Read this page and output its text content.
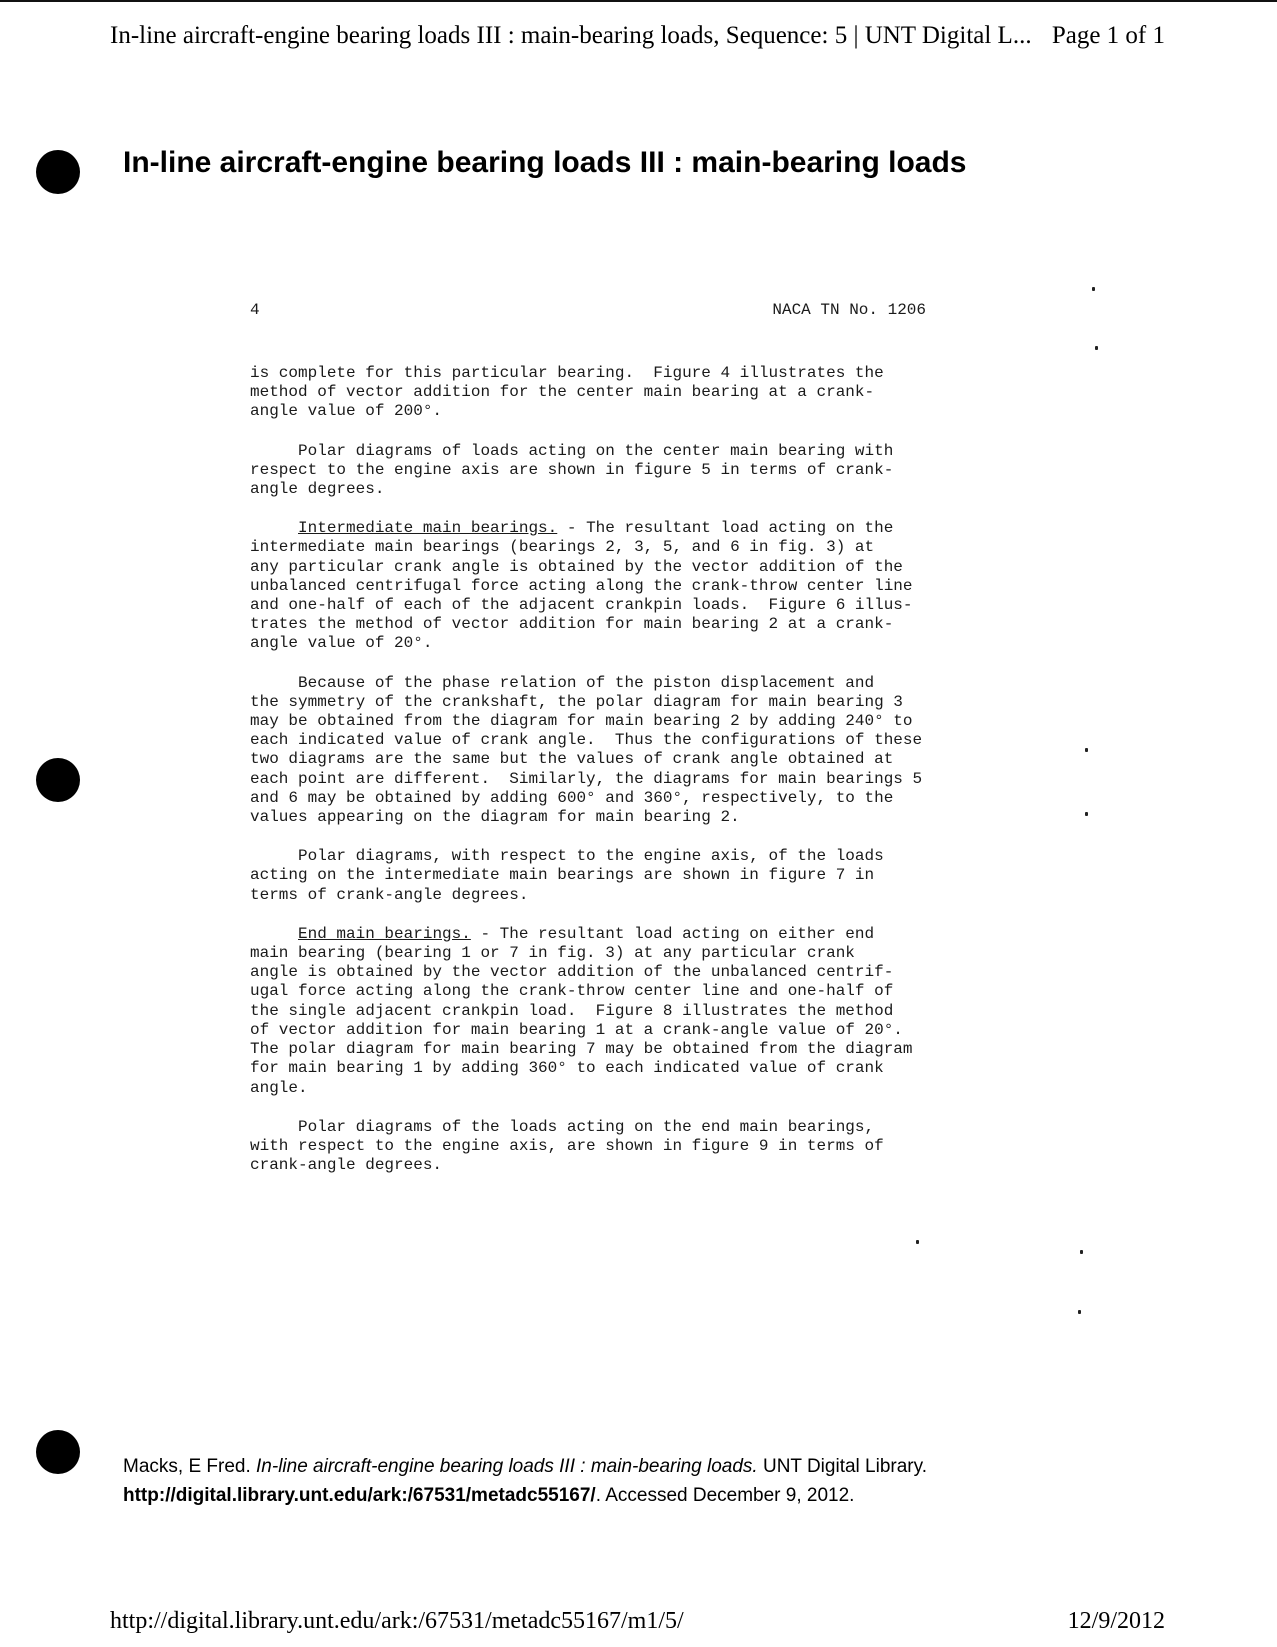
In-line aircraft-engine bearing loads III : main-bearing loads, Sequence: 5 | UNT Digital L... Page 1 of 1
In-line aircraft-engine bearing loads III : main-bearing loads
4	NACA TN No. 1206

is complete for this particular bearing.  Figure 4 illustrates the
method of vector addition for the center main bearing at a crank-
angle value of 200°.

Polar diagrams of loads acting on the center main bearing with
respect to the engine axis are shown in figure 5 in terms of crank-
angle degrees.

Intermediate main bearings. - The resultant load acting on the
intermediate main bearings (bearings 2, 3, 5, and 6 in fig. 3) at
any particular crank angle is obtained by the vector addition of the
unbalanced centrifugal force acting along the crank-throw center line
and one-half of each of the adjacent crankpin loads.  Figure 6 illus-
trates the method of vector addition for main bearing 2 at a crank-
angle value of 20°.

Because of the phase relation of the piston displacement and
the symmetry of the crankshaft, the polar diagram for main bearing 3
may be obtained from the diagram for main bearing 2 by adding 240° to
each indicated value of crank angle.  Thus the configurations of these
two diagrams are the same but the values of crank angle obtained at
each point are different.  Similarly, the diagrams for main bearings 5
and 6 may be obtained by adding 600° and 360°, respectively, to the
values appearing on the diagram for main bearing 2.

Polar diagrams, with respect to the engine axis, of the loads
acting on the intermediate main bearings are shown in figure 7 in
terms of crank-angle degrees.

End main bearings. - The resultant load acting on either end
main bearing (bearing 1 or 7 in fig. 3) at any particular crank
angle is obtained by the vector addition of the unbalanced centrif-
ugal force acting along the crank-throw center line and one-half of
the single adjacent crankpin load.  Figure 8 illustrates the method
of vector addition for main bearing 1 at a crank-angle value of 20°.
The polar diagram for main bearing 7 may be obtained from the diagram
for main bearing 1 by adding 360° to each indicated value of crank
angle.

Polar diagrams of the loads acting on the end main bearings,
with respect to the engine axis, are shown in figure 9 in terms of
crank-angle degrees.

Macks, E Fred. In-line aircraft-engine bearing loads III : main-bearing loads. UNT Digital Library.
http://digital.library.unt.edu/ark:/67531/metadc55167/. Accessed December 9, 2012.
http://digital.library.unt.edu/ark:/67531/metadc55167/m1/5/	12/9/2012
